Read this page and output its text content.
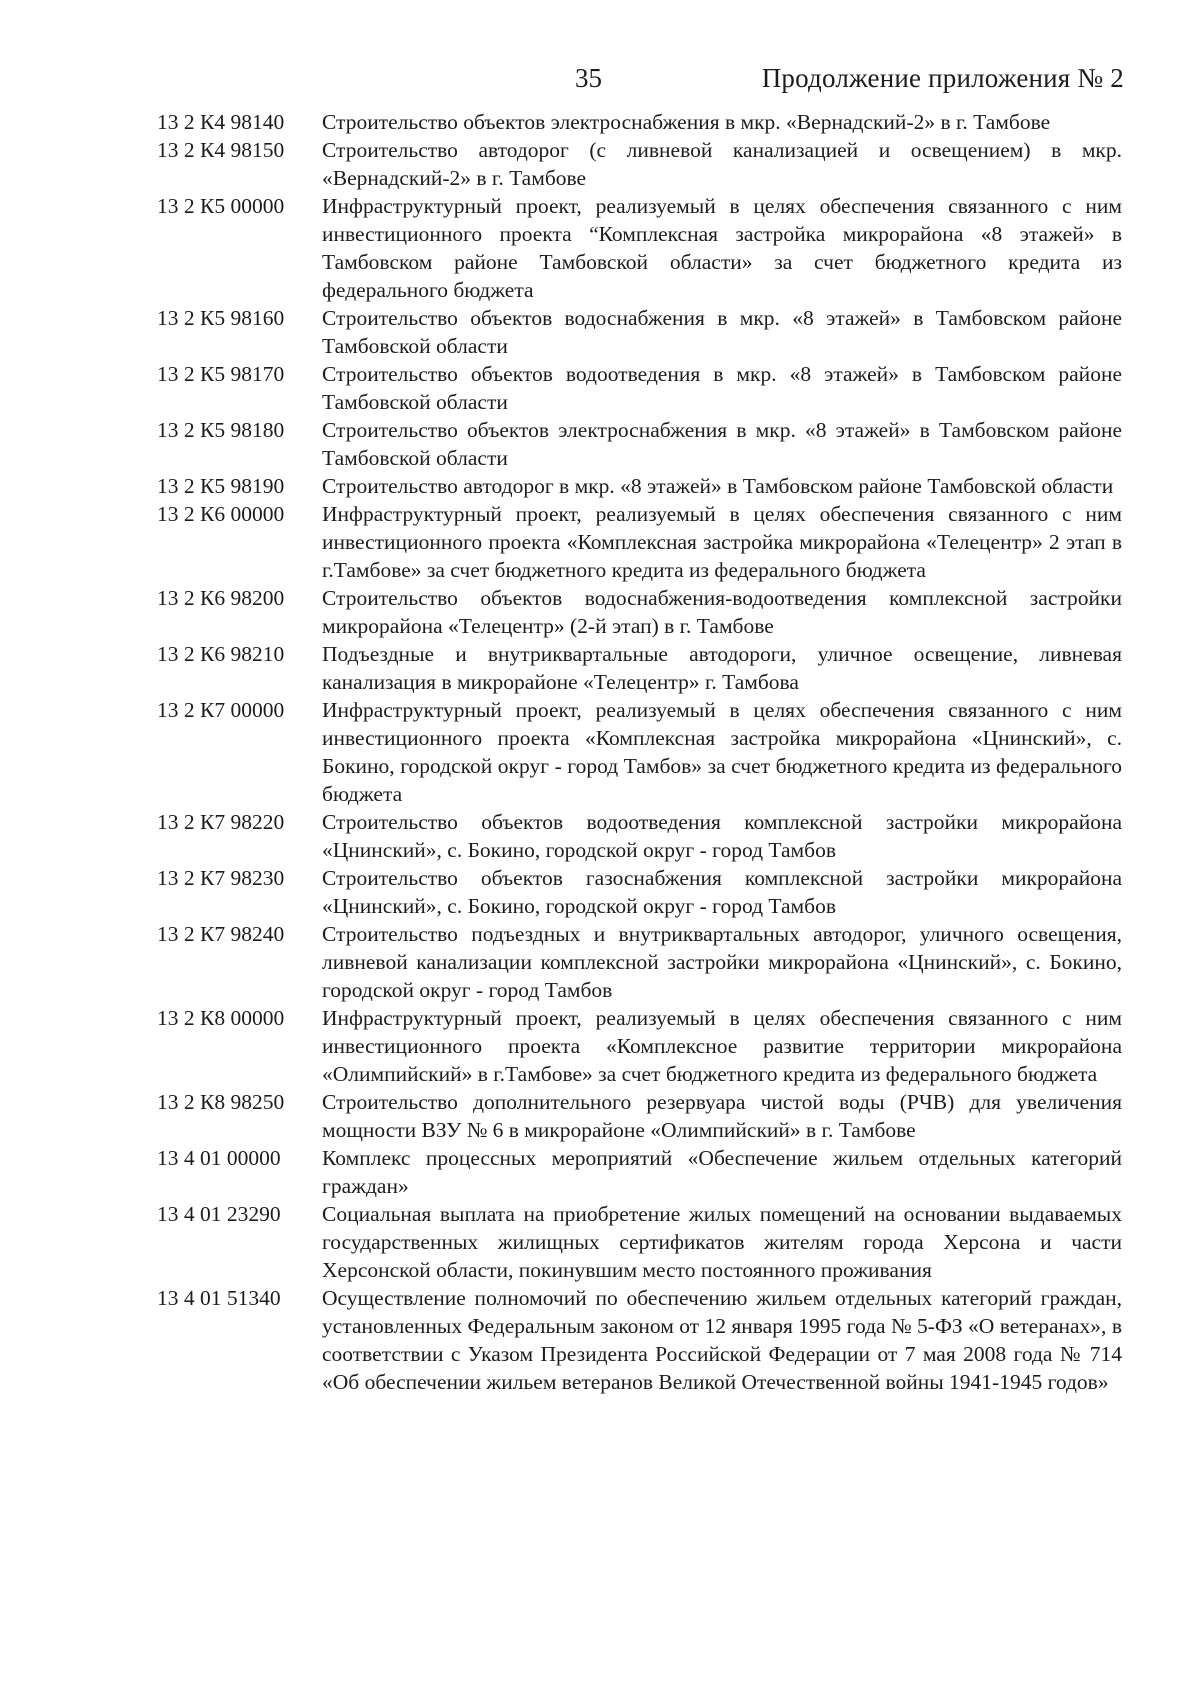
35	Продолжение приложения № 2
13 2 К4 98140 Строительство объектов электроснабжения в мкр. «Вернадский-2» в г. Тамбове
13 2 К4 98150 Строительство автодорог (с ливневой канализацией и освещением) в мкр. «Вернадский-2» в г. Тамбове
13 2 К5 00000 Инфраструктурный проект, реализуемый в целях обеспечения связанного с ним инвестиционного проекта “Комплексная застройка микрорайона «8 этажей» в Тамбовском районе Тамбовской области» за счет бюджетного кредита из федерального бюджета
13 2 К5 98160 Строительство объектов водоснабжения в мкр. «8 этажей» в Тамбовском районе Тамбовской области
13 2 К5 98170 Строительство объектов водоотведения в мкр. «8 этажей» в Тамбовском районе Тамбовской области
13 2 К5 98180 Строительство объектов электроснабжения в мкр. «8 этажей» в Тамбовском районе Тамбовской области
13 2 К5 98190 Строительство автодорог в мкр. «8 этажей» в Тамбовском районе Тамбовской области
13 2 К6 00000 Инфраструктурный проект, реализуемый в целях обеспечения связанного с ним инвестиционного проекта «Комплексная застройка микрорайона «Телецентр» 2 этап в г.Тамбове» за счет бюджетного кредита из федерального бюджета
13 2 К6 98200 Строительство объектов водоснабжения-водоотведения комплексной застройки микрорайона «Телецентр» (2-й этап) в г. Тамбове
13 2 К6 98210 Подъездные и внутриквартальные автодороги, уличное освещение, ливневая канализация в микрорайоне «Телецентр» г. Тамбова
13 2 К7 00000 Инфраструктурный проект, реализуемый в целях обеспечения связанного с ним инвестиционного проекта «Комплексная застройка микрорайона «Цнинский», с. Бокино, городской округ - город Тамбов» за счет бюджетного кредита из федерального бюджета
13 2 К7 98220 Строительство объектов водоотведения комплексной застройки микрорайона «Цнинский», с. Бокино, городской округ - город Тамбов
13 2 К7 98230 Строительство объектов газоснабжения комплексной застройки микрорайона «Цнинский», с. Бокино, городской округ - город Тамбов
13 2 К7 98240 Строительство подъездных и внутриквартальных автодорог, уличного освещения, ливневой канализации комплексной застройки микрорайона «Цнинский», с. Бокино, городской округ - город Тамбов
13 2 К8 00000 Инфраструктурный проект, реализуемый в целях обеспечения связанного с ним инвестиционного проекта «Комплексное развитие территории микрорайона «Олимпийский» в г.Тамбове» за счет бюджетного кредита из федерального бюджета
13 2 К8 98250 Строительство дополнительного резервуара чистой воды (РЧВ) для увеличения мощности ВЗУ № 6 в микрорайоне «Олимпийский» в г. Тамбове
13 4 01 00000 Комплекс процессных мероприятий «Обеспечение жильем отдельных категорий граждан»
13 4 01 23290 Социальная выплата на приобретение жилых помещений на основании выдаваемых государственных жилищных сертификатов жителям города Херсона и части Херсонской области, покинувшим место постоянного проживания
13 4 01 51340 Осуществление полномочий по обеспечению жильем отдельных категорий граждан, установленных Федеральным законом от 12 января 1995 года № 5-ФЗ «О ветеранах», в соответствии с Указом Президента Российской Федерации от 7 мая 2008 года № 714 «Об обеспечении жильем ветеранов Великой Отечественной войны 1941-1945 годов»
